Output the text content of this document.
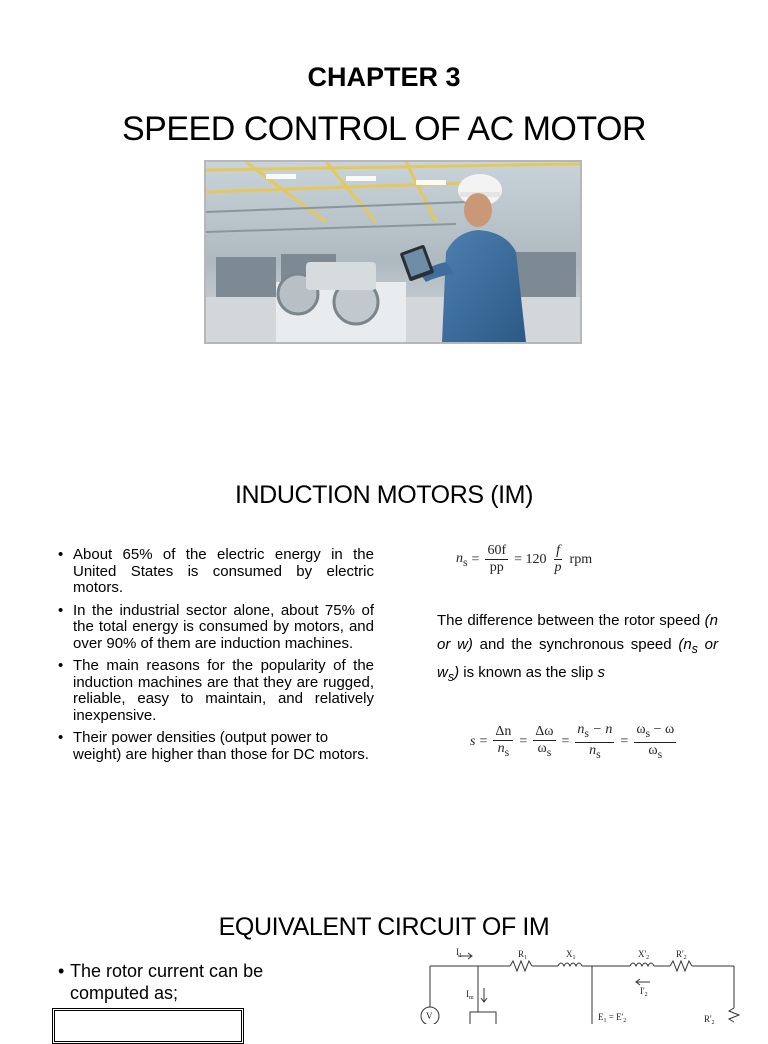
CHAPTER 3
SPEED CONTROL OF AC MOTOR
INDUCTION MOTORS (IM)
• About 65% of the electric energy in the United States is consumed by electric motors.
• In the industrial sector alone, about 75% of the total energy is consumed by motors, and over 90% of them are induction machines.
• The main reasons for the popularity of the induction machines are that they are rugged, reliable, easy to maintain, and relatively inexpensive.
• Their power densities (output power to weight) are higher than those for DC motors.
$n_s = \frac{60f}{pp} = 120 \frac{f}{p}$ rpm
The difference between the rotor speed (n or w) and the synchronous speed ($n_s$ or $w_s$) is known as the slip s
$s = \frac{\Delta n}{n_s} = \frac{\Delta\omega}{\omega_s} = \frac{n_s - n}{n_s} = \frac{\omega_s - \omega}{\omega_s}$
EQUIVALENT CIRCUIT OF IM
• The rotor current can be computed as;
V
$I_1$	$R_1$	$X_1$	$X'_2$	$R'_2$
$I_m$
$I'_2$
$E_1 = E'_2$	$R'_2$
